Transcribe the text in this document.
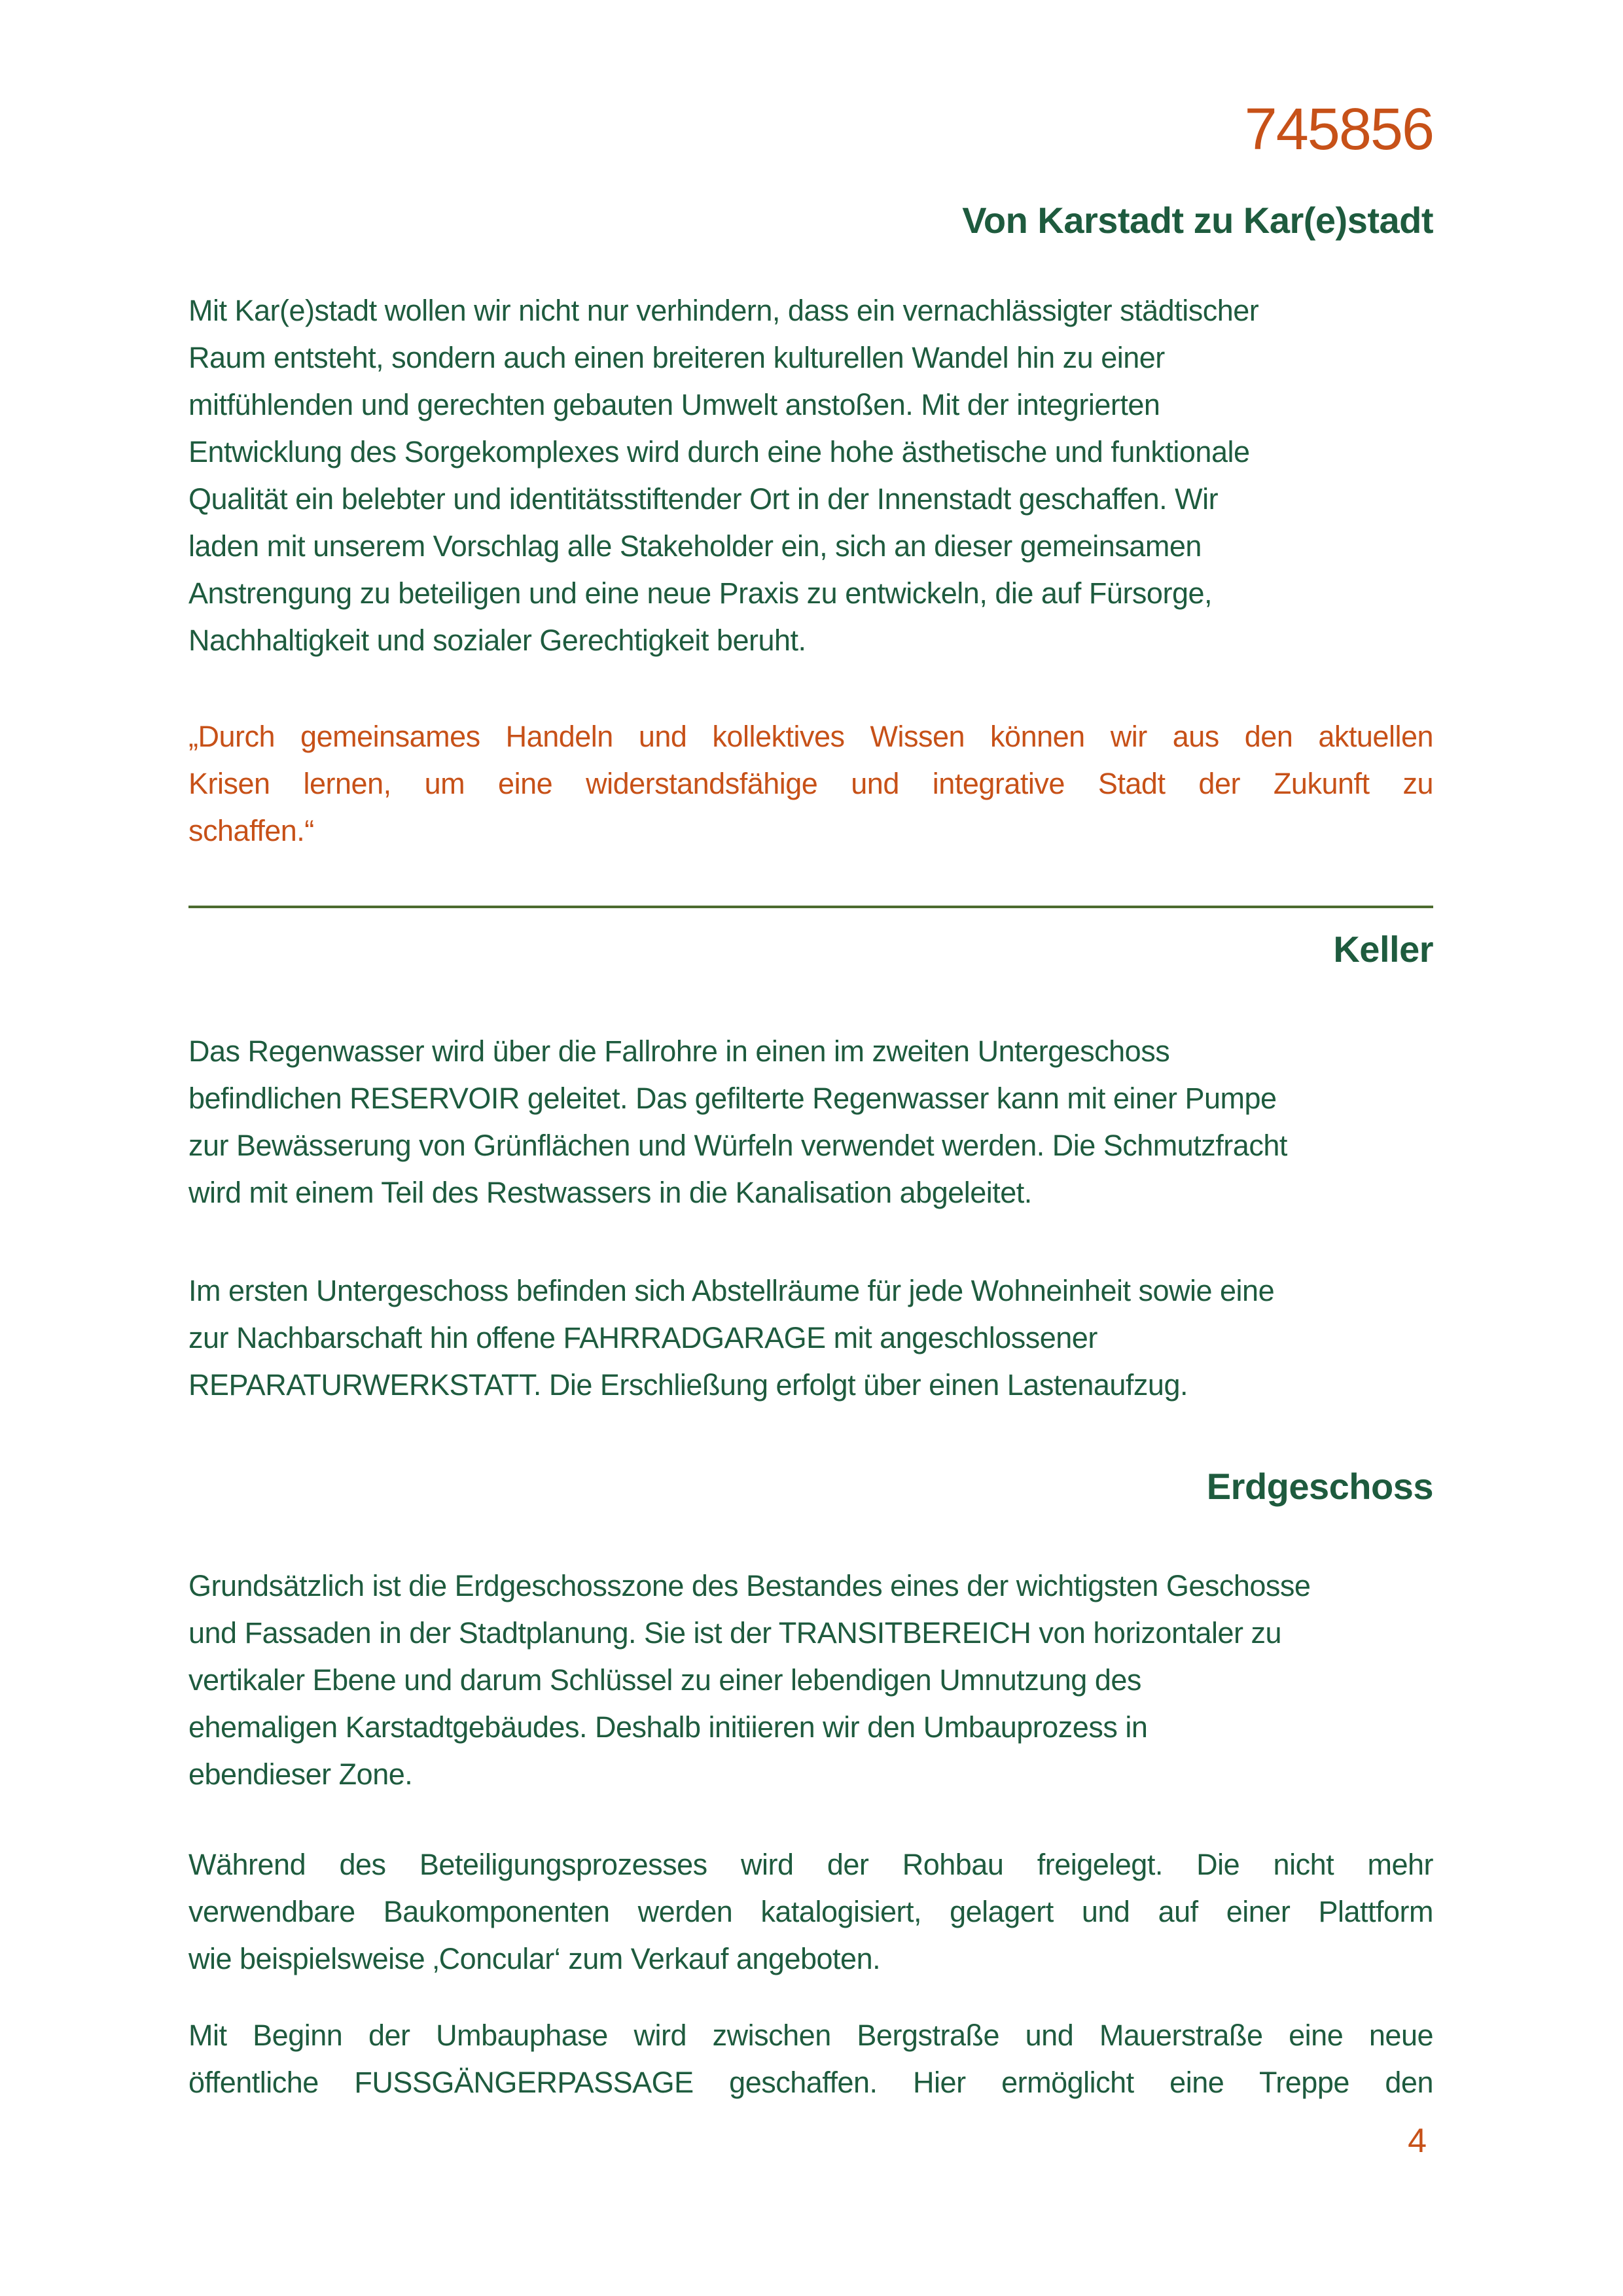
745856
Von Karstadt zu Kar(e)stadt
Mit Kar(e)stadt wollen wir nicht nur verhindern, dass ein vernachlässigter städtischer
Raum entsteht, sondern auch einen breiteren kulturellen Wandel hin zu einer
mitfühlenden und gerechten gebauten Umwelt anstoßen. Mit der integrierten
Entwicklung des Sorgekomplexes wird durch eine hohe ästhetische und funktionale
Qualität ein belebter und identitätsstiftender Ort in der Innenstadt geschaffen. Wir
laden mit unserem Vorschlag alle Stakeholder ein, sich an dieser gemeinsamen
Anstrengung zu beteiligen und eine neue Praxis zu entwickeln, die auf Fürsorge,
Nachhaltigkeit und sozialer Gerechtigkeit beruht.
„Durch gemeinsames Handeln und kollektives Wissen können wir aus den aktuellen
Krisen lernen, um eine widerstandsfähige und integrative Stadt der Zukunft zu
schaffen.“
Keller
Das Regenwasser wird über die Fallrohre in einen im zweiten Untergeschoss
befindlichen RESERVOIR geleitet. Das gefilterte Regenwasser kann mit einer Pumpe
zur Bewässerung von Grünflächen und Würfeln verwendet werden. Die Schmutzfracht
wird mit einem Teil des Restwassers in die Kanalisation abgeleitet.
Im ersten Untergeschoss befinden sich Abstellräume für jede Wohneinheit sowie eine
zur Nachbarschaft hin offene FAHRRADGARAGE mit angeschlossener
REPARATURWERKSTATT. Die Erschließung erfolgt über einen Lastenaufzug.
Erdgeschoss
Grundsätzlich ist die Erdgeschosszone des Bestandes eines der wichtigsten Geschosse
und Fassaden in der Stadtplanung. Sie ist der TRANSITBEREICH von horizontaler zu
vertikaler Ebene und darum Schlüssel zu einer lebendigen Umnutzung des
ehemaligen Karstadtgebäudes. Deshalb initiieren wir den Umbauprozess in
ebendieser Zone.
Während des Beteiligungsprozesses wird der Rohbau freigelegt. Die nicht mehr
verwendbare Baukomponenten werden katalogisiert, gelagert und auf einer Plattform
wie beispielsweise ‚Concular‘ zum Verkauf angeboten.
Mit Beginn der Umbauphase wird zwischen Bergstraße und Mauerstraße eine neue
öffentliche FUSSGÄNGERPASSAGE geschaffen. Hier ermöglicht eine Treppe den
4
